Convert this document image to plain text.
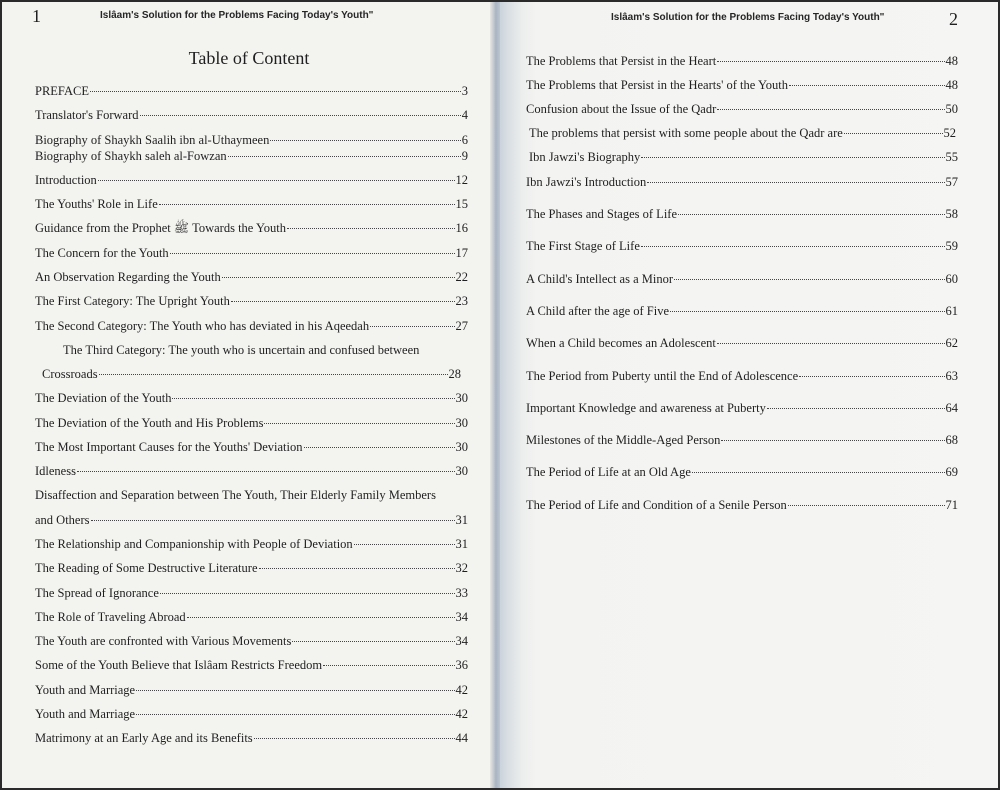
1	Islâam's Solution for the Problems Facing Today's Youth"
Table of Content
PREFACE	3
Translator's Forward	4
Biography of Shaykh Saalih ibn al-Uthaymeen	6
Biography of Shaykh saleh al-Fowzan	9
Introduction	12
The Youths' Role in Life	15
Guidance from the Prophet ﷺ Towards the Youth	16
The Concern for the Youth	17
An Observation Regarding the Youth	22
The First Category: The Upright Youth	23
The Second Category: The Youth who has deviated in his Aqeedah	27
The Third Category: The youth who is uncertain and confused between
Crossroads	28
The Deviation of the Youth	30
The Deviation of the Youth and His Problems	30
The Most Important Causes for the Youths' Deviation	30
Idleness	30
Disaffection and Separation between The Youth, Their Elderly Family Members
and Others	31
The Relationship and Companionship with People of Deviation	31
The Reading of Some Destructive Literature	32
The Spread of Ignorance	33
The Role of Traveling Abroad	34
The Youth are confronted with Various Movements	34
Some of the Youth Believe that Islâam Restricts Freedom	36
Youth and Marriage	42
Youth and Marriage	42
Matrimony at an Early Age and its Benefits	44

2
Islâam's Solution for the Problems Facing Today's Youth"
The Problems that Persist in the Heart	48
The Problems that Persist in the Hearts' of the Youth	48
Confusion about the Issue of the Qadr	50
The problems that persist with some people about the Qadr are	52
Ibn Jawzi's Biography	55
Ibn Jawzi's Introduction	57
The Phases and Stages of Life	58
The First Stage of Life	59
A Child's Intellect as a Minor	60
A Child after the age of Five	61
When a Child becomes an Adolescent	62
The Period from Puberty until the End of Adolescence	63
Important Knowledge and awareness at Puberty	64
Milestones of the Middle-Aged Person	68
The Period of Life at an Old Age	69
The Period of Life and Condition of a Senile Person	71
